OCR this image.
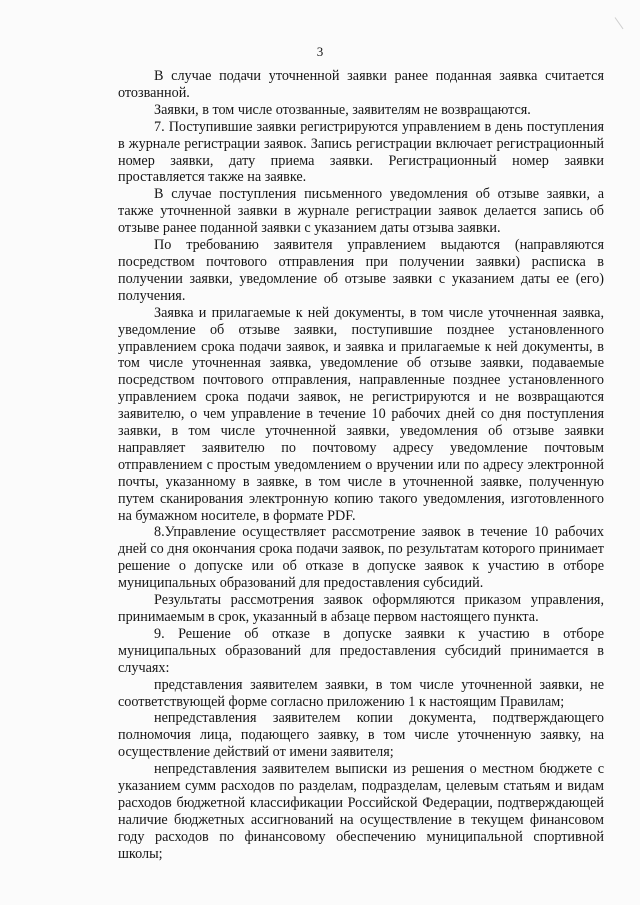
3

В случае подачи уточненной заявки ранее поданная заявка считается отозванной.

Заявки, в том числе отозванные, заявителям не возвращаются.

7. Поступившие заявки регистрируются управлением в день поступления в журнале регистрации заявок. Запись регистрации включает регистрационный номер заявки, дату приема заявки. Регистрационный номер заявки проставляется также на заявке.

В случае поступления письменного уведомления об отзыве заявки, а также уточненной заявки в журнале регистрации заявок делается запись об отзыве ранее поданной заявки с указанием даты отзыва заявки.

По требованию заявителя управлением выдаются (направляются посредством почтового отправления при получении заявки) расписка в получении заявки, уведомление об отзыве заявки с указанием даты ее (его) получения.

Заявка и прилагаемые к ней документы, в том числе уточненная заявка, уведомление об отзыве заявки, поступившие позднее установленного управлением срока подачи заявок, и заявка и прилагаемые к ней документы, в том числе уточненная заявка, уведомление об отзыве заявки, подаваемые посредством почтового отправления, направленные позднее установленного управлением срока подачи заявок, не регистрируются и не возвращаются заявителю, о чем управление в течение 10 рабочих дней со дня поступления заявки, в том числе уточненной заявки, уведомления об отзыве заявки направляет заявителю по почтовому адресу уведомление почтовым отправлением с простым уведомлением о вручении или по адресу электронной почты, указанному в заявке, в том числе в уточненной заявке, полученную путем сканирования электронную копию такого уведомления, изготовленного на бумажном носителе, в формате PDF.

8.Управление осуществляет рассмотрение заявок в течение 10 рабочих дней со дня окончания срока подачи заявок, по результатам которого принимает решение о допуске или об отказе в допуске заявок к участию в отборе муниципальных образований для предоставления субсидий.

Результаты рассмотрения заявок оформляются приказом управления, принимаемым в срок, указанный в абзаце первом настоящего пункта.

9. Решение об отказе в допуске заявки к участию в отборе муниципальных образований для предоставления субсидий принимается в случаях:

представления заявителем заявки, в том числе уточненной заявки, не соответствующей форме согласно приложению 1 к настоящим Правилам;

непредставления заявителем копии документа, подтверждающего полномочия лица, подающего заявку, в том числе уточненную заявку, на осуществление действий от имени заявителя;

непредставления заявителем выписки из решения о местном бюджете с указанием сумм расходов по разделам, подразделам, целевым статьям и видам расходов бюджетной классификации Российской Федерации, подтверждающей наличие бюджетных ассигнований на осуществление в текущем финансовом году расходов по финансовому обеспечению муниципальной спортивной школы;
